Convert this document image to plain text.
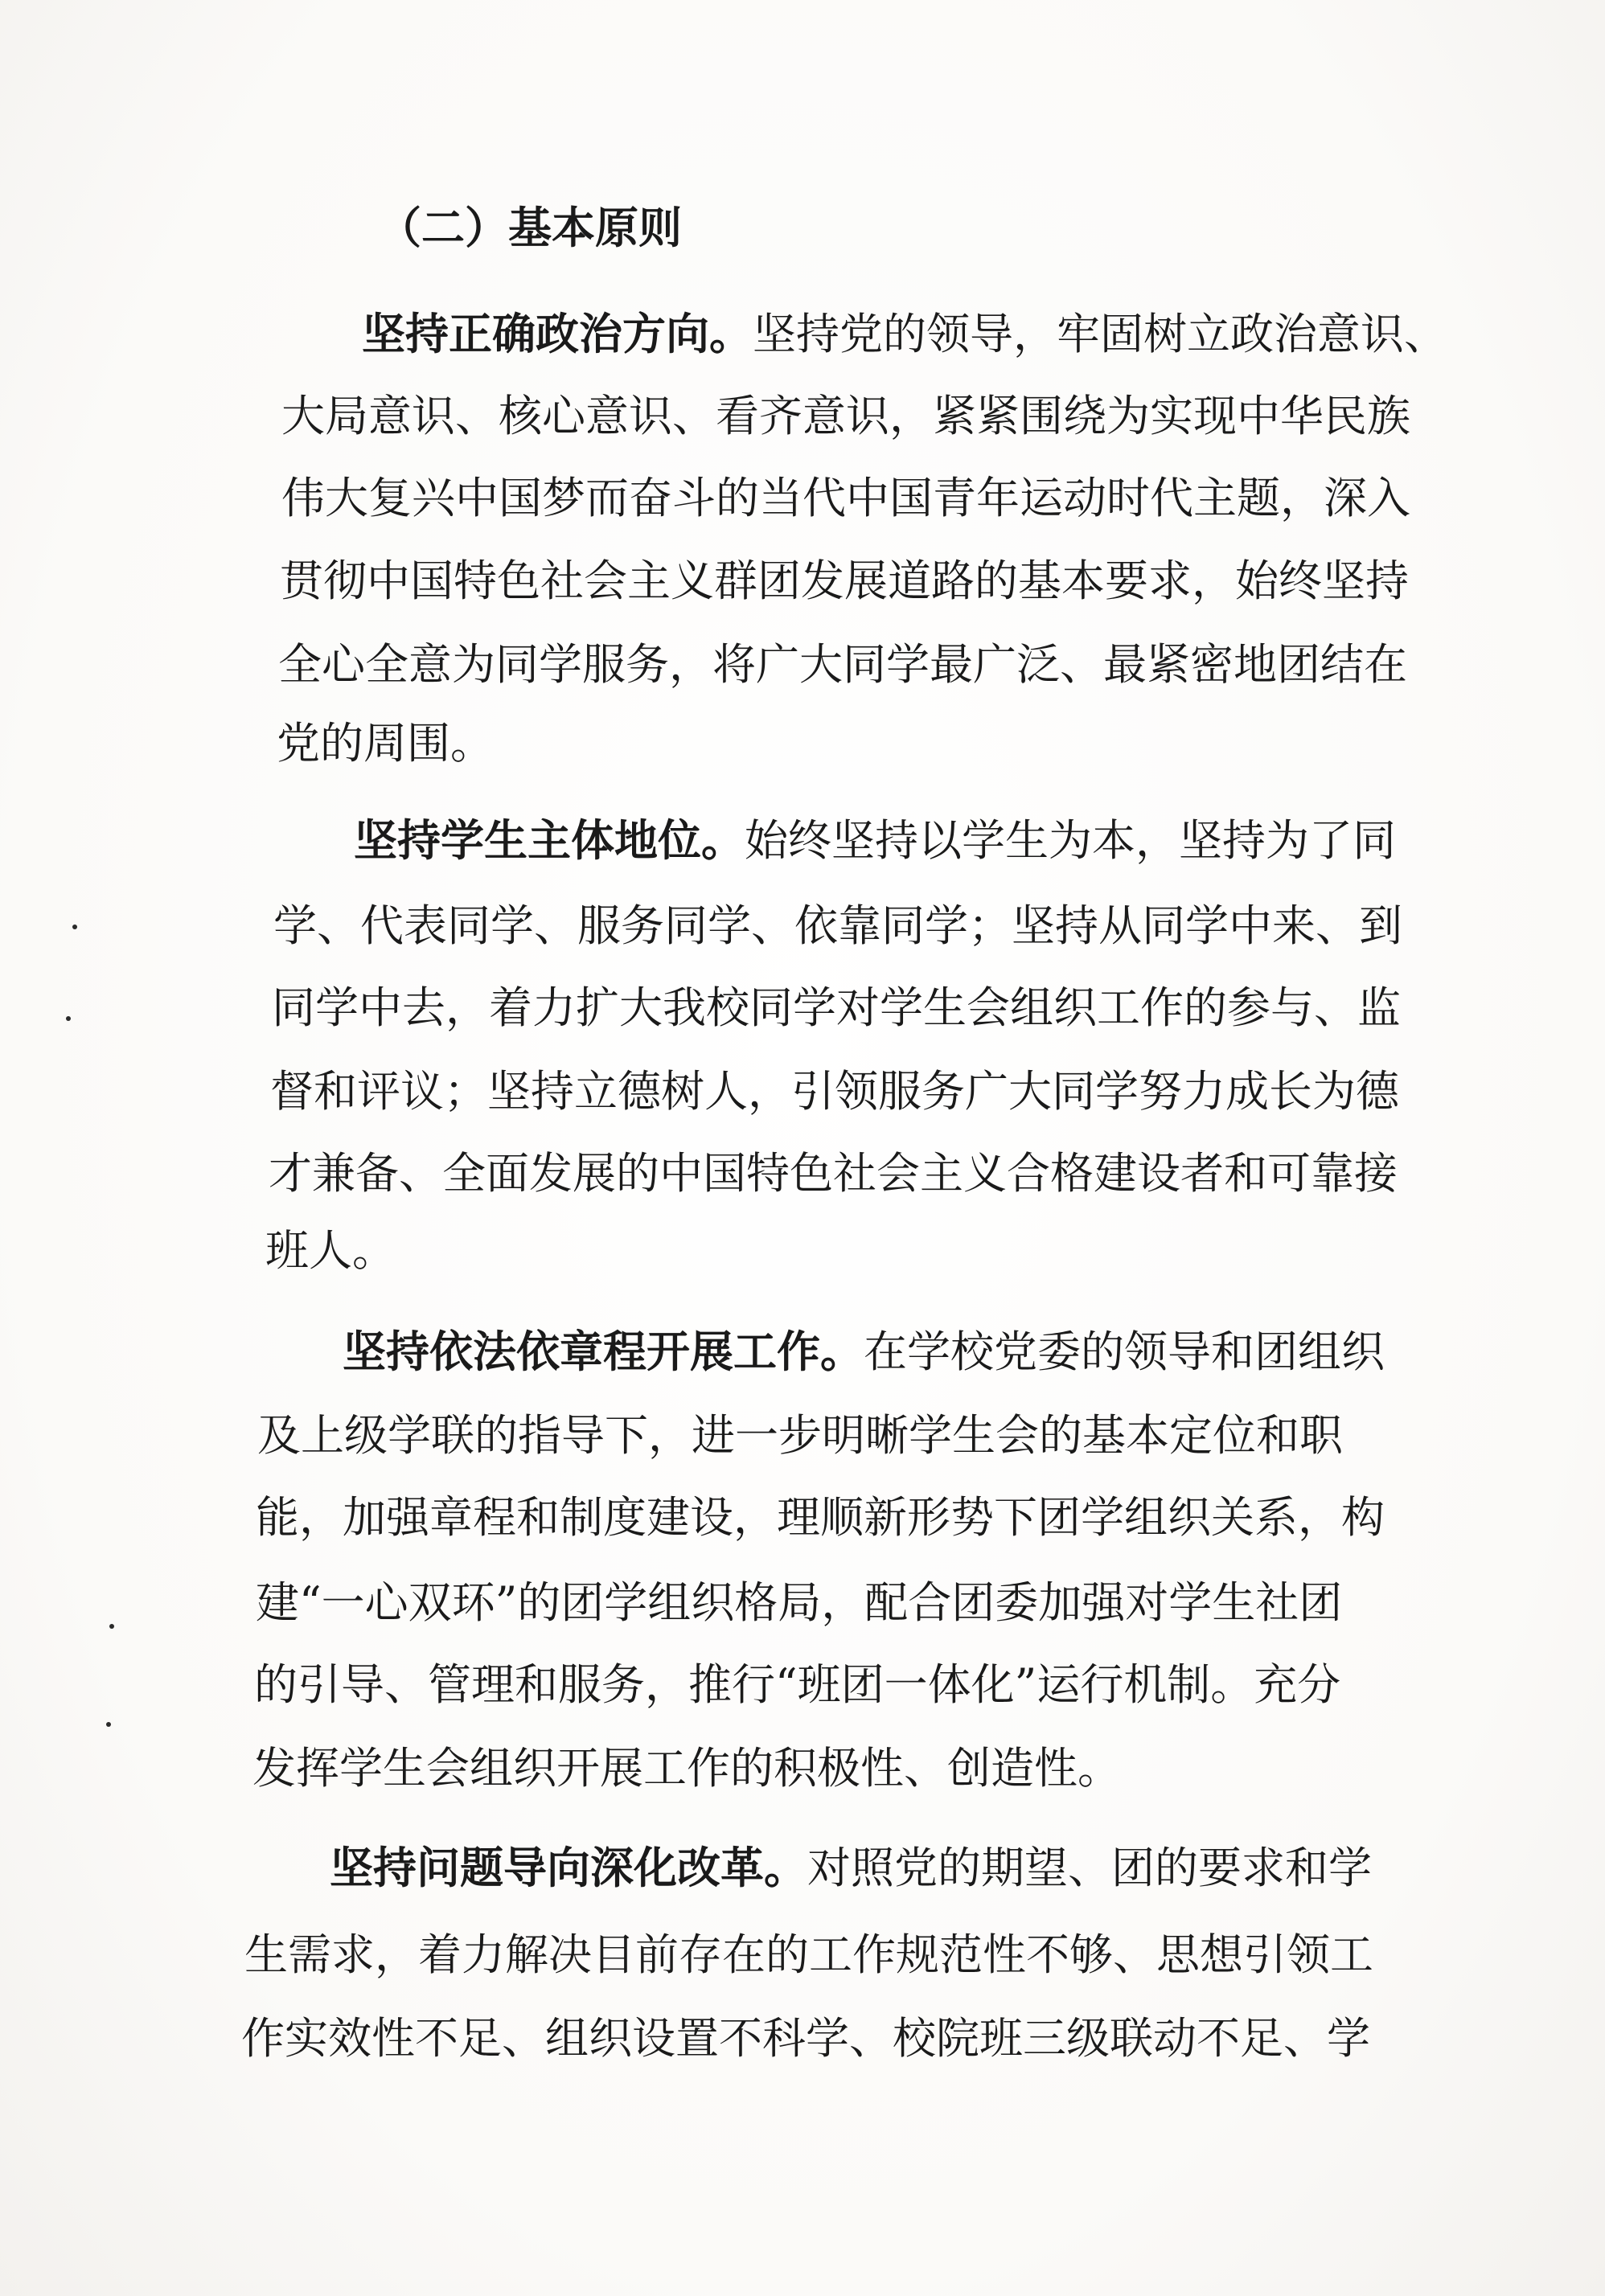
（二）基本原则
坚持正确政治方向。坚持党的领导，牢固树立政治意识、
大局意识、核心意识、看齐意识，紧紧围绕为实现中华民族
伟大复兴中国梦而奋斗的当代中国青年运动时代主题，深入
贯彻中国特色社会主义群团发展道路的基本要求，始终坚持
全心全意为同学服务，将广大同学最广泛、最紧密地团结在
党的周围。
坚持学生主体地位。始终坚持以学生为本，坚持为了同
学、代表同学、服务同学、依靠同学；坚持从同学中来、到
同学中去，着力扩大我校同学对学生会组织工作的参与、监
督和评议；坚持立德树人，引领服务广大同学努力成长为德
才兼备、全面发展的中国特色社会主义合格建设者和可靠接
班人。
坚持依法依章程开展工作。在学校党委的领导和团组织
及上级学联的指导下，进一步明晰学生会的基本定位和职
能，加强章程和制度建设，理顺新形势下团学组织关系，构
建“一心双环”的团学组织格局，配合团委加强对学生社团
的引导、管理和服务，推行“班团一体化”运行机制。充分
发挥学生会组织开展工作的积极性、创造性。
坚持问题导向深化改革。对照党的期望、团的要求和学
生需求，着力解决目前存在的工作规范性不够、思想引领工
作实效性不足、组织设置不科学、校院班三级联动不足、学
